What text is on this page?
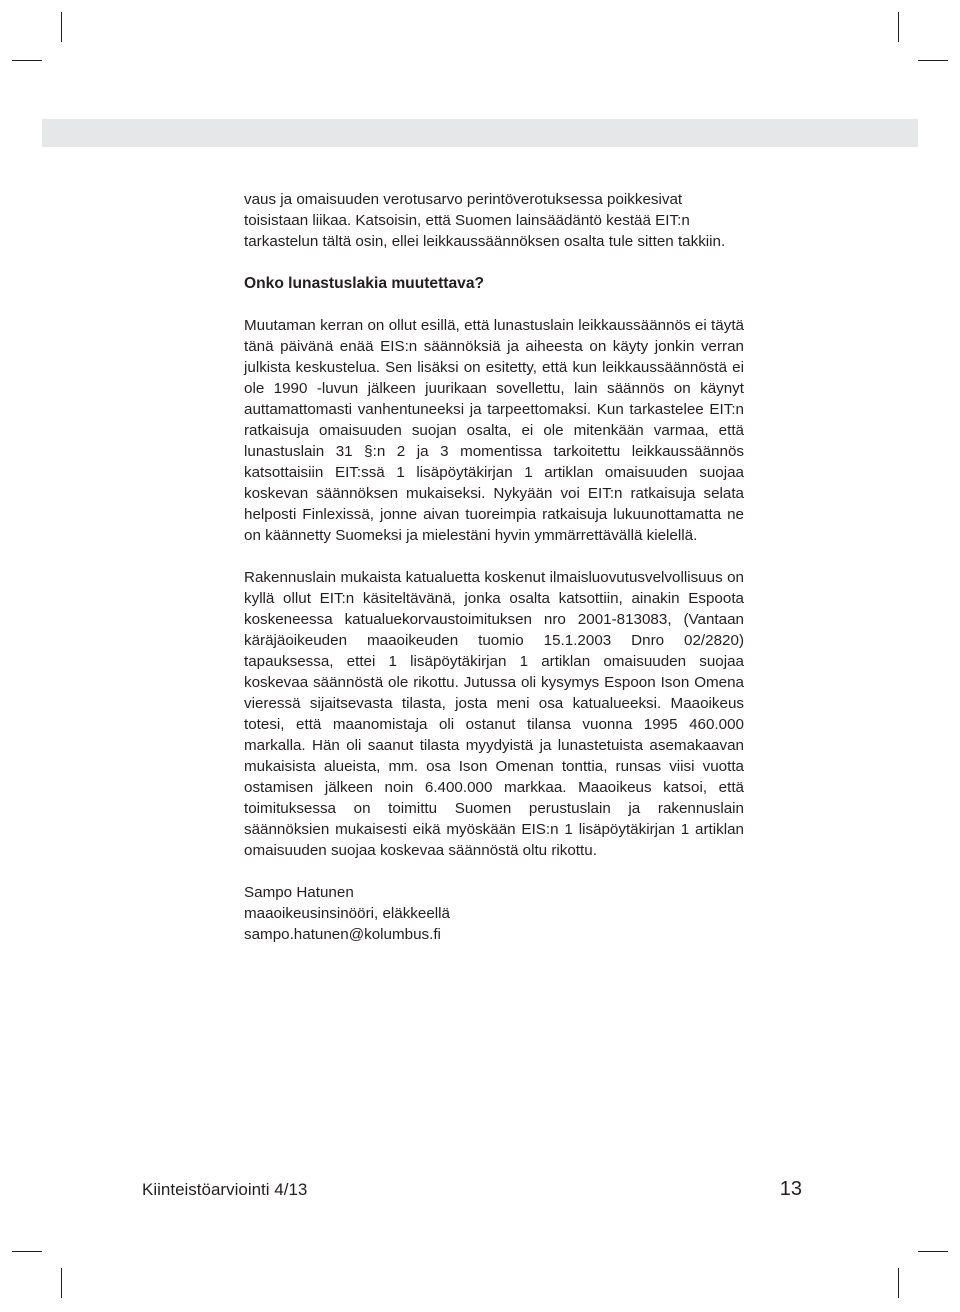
vaus ja omaisuuden verotusarvo perintöverotuksessa poikkesivat toisistaan liikaa. Katsoisin, että Suomen lainsäädäntö kestää EIT:n tarkastelun tältä osin, ellei leikkaussäännöksen osalta tule sitten takkiin.

Onko lunastuslakia muutettava?

Muutaman kerran on ollut esillä, että lunastuslain leikkaussäännös ei täytä tänä päivänä enää EIS:n säännöksiä ja aiheesta on käyty jonkin verran julkista keskustelua. Sen lisäksi on esitetty, että kun leikkaussäännöstä ei ole 1990 -luvun jälkeen juurikaan sovellettu, lain säännös on käynyt auttamattomasti vanhentuneeksi ja tarpeettomaksi. Kun tarkastelee EIT:n ratkaisuja omaisuuden suojan osalta, ei ole mitenkään varmaa, että lunastuslain 31 §:n 2 ja 3 momentissa tarkoitettu leikkaussäännös katsottaisiin EIT:ssä 1 lisäpöytäkirjan 1 artiklan omaisuuden suojaa koskevan säännöksen mukaiseksi. Nykyään voi EIT:n ratkaisuja selata helposti Finlexissä, jonne aivan tuoreimpia ratkaisuja lukuunottamatta ne on käännetty Suomeksi ja mielestäni hyvin ymmärrettävällä kielellä.

Rakennuslain mukaista katualuetta koskenut ilmaisluovutusvelvollisuus on kyllä ollut EIT:n käsiteltävänä, jonka osalta katsottiin, ainakin Espoota koskeneessa katualuekorvaustoimituksen nro 2001-813083, (Vantaan käräjäoikeuden maaoikeuden tuomio 15.1.2003 Dnro 02/2820) tapauksessa, ettei 1 lisäpöytäkirjan 1 artiklan omaisuuden suojaa koskevaa säännöstä ole rikottu. Jutussa oli kysymys Espoon Ison Omena vieressä sijaitsevasta tilasta, josta meni osa katualueeksi. Maaoikeus totesi, että maanomistaja oli ostanut tilansa vuonna 1995 460.000 markalla. Hän oli saanut tilasta myydyistä ja lunastetuista asemakaavan mukaisista alueista, mm. osa Ison Omenan tonttia, runsas viisi vuotta ostamisen jälkeen noin 6.400.000 markkaa. Maaoikeus katsoi, että toimituksessa on toimittu Suomen perustuslain ja rakennuslain säännöksien mukaisesti eikä myöskään EIS:n 1 lisäpöytäkirjan 1 artiklan omaisuuden suojaa koskevaa säännöstä oltu rikottu.

Sampo Hatunen
maaoikeusinsinööri, eläkkeellä
sampo.hatunen@kolumbus.fi
Kiinteistöarviointi 4/13	13
